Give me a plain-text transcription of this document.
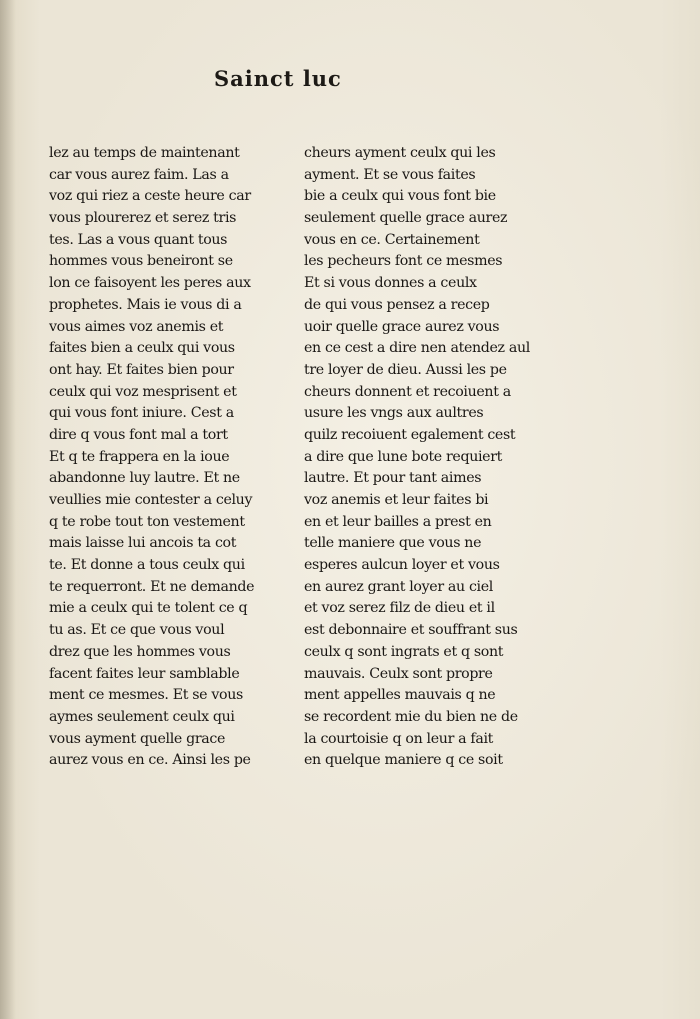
Sainct luc
lez au temps de maintenant
car vous aurez faim. Las a
voz qui riez a ceste heure car
vous plourerez et serez tris
tes. Las a vous quant tous
hommes vous beneiront se
lon ce faisoyent les peres aux
prophetes. Mais ie vous di a
vous aimes voz anemis et
faites bien a ceulx qui vous
ont hay. Et faites bien pour
ceulx qui voz mesprisent et
qui vous font iniure. Cest a
dire q vous font mal a tort
Et q te frappera en la ioue
abandonne luy lautre. Et ne
veullies mie contester a celuy
q te robe tout ton vestement
mais laisse lui ancois ta cot
te. Et donne a tous ceulx qui
te requerront. Et ne demande
mie a ceulx qui te tolent ce q
tu as. Et ce que vous voul
drez que les hommes vous
facent faites leur samblable
ment ce mesmes. Et se vous
aymes seulement ceulx qui
vous ayment quelle grace
aurez vous en ce. Ainsi les pe
cheurs ayment ceulx qui les
ayment. Et se vous faites
bie a ceulx qui vous font bie
seulement quelle grace aurez
vous en ce. Certainement
les pecheurs font ce mesmes
Et si vous donnes a ceulx
de qui vous pensez a recep
uoir quelle grace aurez vous
en ce cest a dire nen atendez aul
tre loyer de dieu. Aussi les pe
cheurs donnent et recoiuent a
usure les vngs aux aultres
quilz recoiuent egalement cest
a dire que lune bote requiert
lautre. Et pour tant aimes
voz anemis et leur faites bi
en et leur bailles a prest en
telle maniere que vous ne
esperes aulcun loyer et vous
en aurez grant loyer au ciel
et voz serez filz de dieu et il
est debonnaire et souffrant sus
ceulx q sont ingrats et q sont
mauvais. Ceulx sont propre
ment appelles mauvais q ne
se recordent mie du bien ne de
la courtoisie q on leur a fait
en quelque maniere q ce soit
